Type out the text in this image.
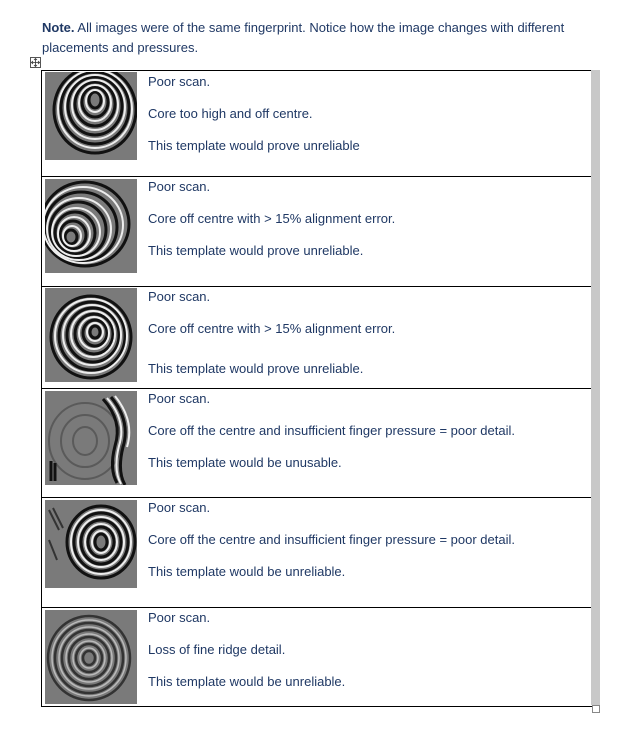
Note. All images were of the same fingerprint. Notice how the image changes with different placements and pressures.
Poor scan.
Core too high and off centre.
This template would prove unreliable
Poor scan.
Core off centre with > 15% alignment error.
This template would prove unreliable.
Poor scan.
Core off centre with > 15% alignment error.
This template would prove unreliable.
Poor scan.
Core off the centre and insufficient finger pressure = poor detail.
This template would be unusable.
Poor scan.
Core off the centre and insufficient finger pressure = poor detail.
This template would be unreliable.
Poor scan.
Loss of fine ridge detail.
This template would be unreliable.
